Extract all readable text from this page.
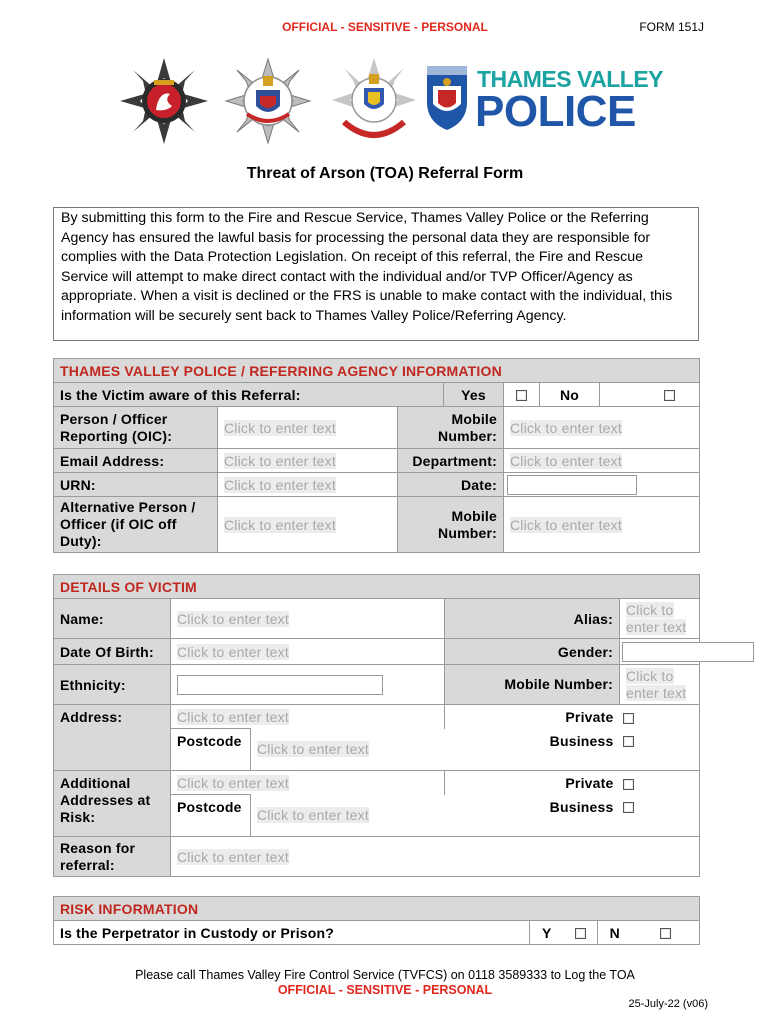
OFFICIAL - SENSITIVE - PERSONAL	FORM 151J
THAMES VALLEY
POLICE
Threat of Arson (TOA) Referral Form
By submitting this form to the Fire and Rescue Service, Thames Valley Police or the Referring Agency has ensured the lawful basis for processing the personal data they are responsible for complies with the Data Protection Legislation. On receipt of this referral, the Fire and Rescue Service will attempt to make direct contact with the individual and/or TVP Officer/Agency as appropriate. When a visit is declined or the FRS is unable to make contact with the individual, this information will be securely sent back to Thames Valley Police/Referring Agency.
THAMES VALLEY POLICE / REFERRING AGENCY INFORMATION						
Is the Victim aware of this Referral:			Yes		No	
Person / Officer Reporting (OIC):	Click to enter text	Mobile Number:		Click to enter text		
Email Address:	Click to enter text	Department:		Click to enter text		
URN:	Click to enter text	Date:				
Alternative Person / Officer (if OIC off Duty):	Click to enter text	Mobile Number:		Click to enter text		
DETAILS OF VICTIM				
Name:	Click to enter text		Alias:	Click to enter text
Date Of Birth:	Click to enter text		Gender:	
Ethnicity:			Mobile Number:	Click to enter text
Address:	Click to enter text		Private	
	Postcode	Click to enter text	Business	
Additional Addresses at Risk:	Click to enter text		Private	
	Postcode	Click to enter text	Business	
Reason for referral:	Click to enter text			
RISK INFORMATION
Is the Perpetrator in Custody or Prison?	Y		N	
Please call Thames Valley Fire Control Service (TVFCS) on 0118 3589333 to Log the TOA
OFFICIAL - SENSITIVE - PERSONAL
25-July-22 (v06)
